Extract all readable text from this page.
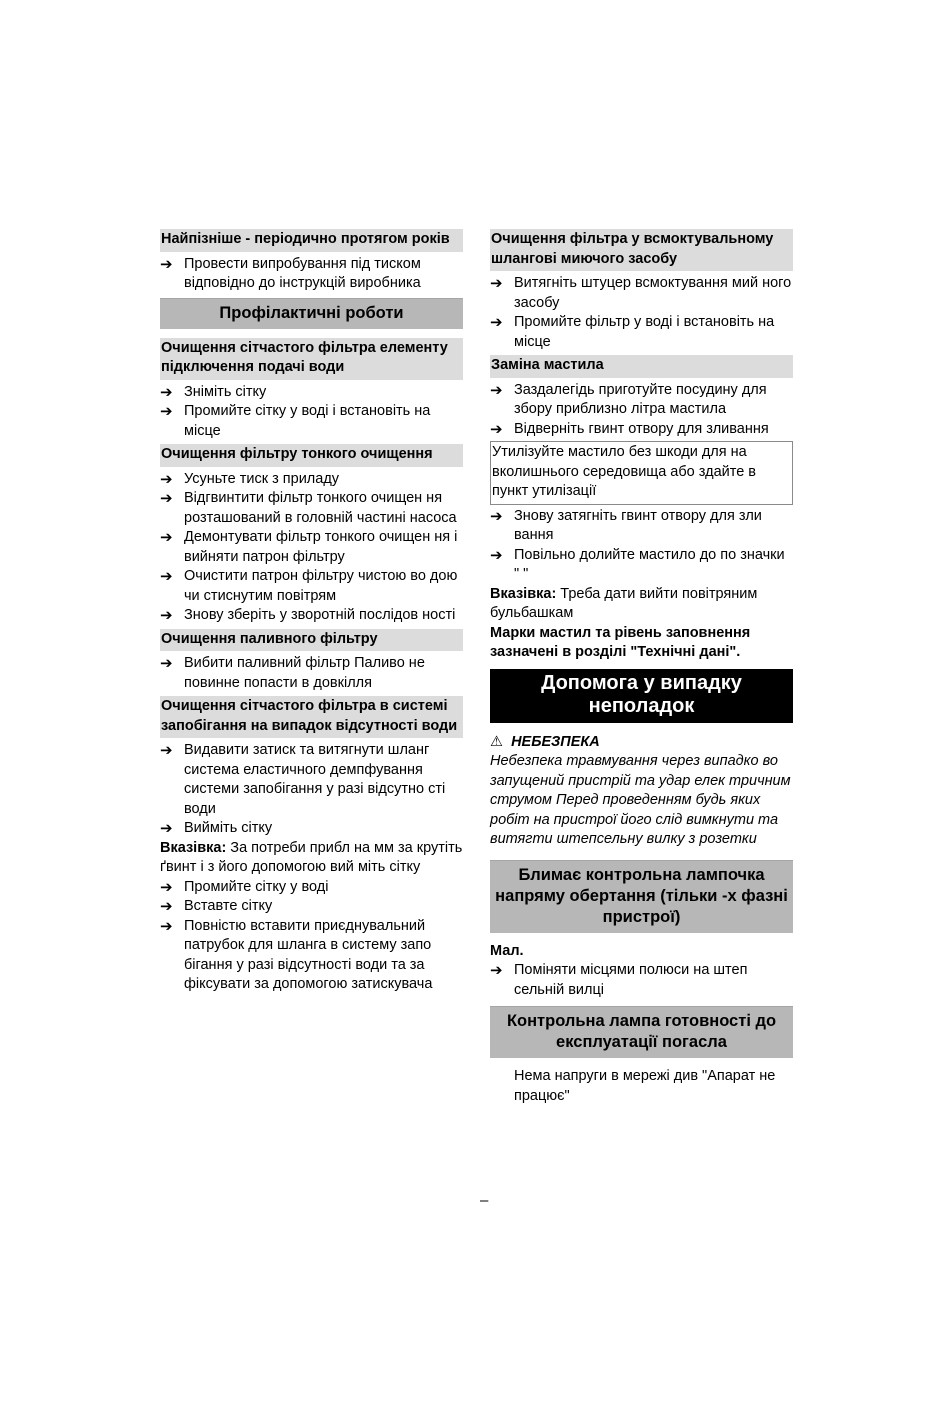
Найпізніше - періодично протягом років
➔ Провести випробування під тиском відповідно до інструкцій виробника
Профілактичні роботи
Очищення сітчастого фільтра елементу підключення подачі води
➔ Зніміть сітку
➔ Промийте сітку у воді і встановіть на місце
Очищення фільтру тонкого очищення
➔ Усуньте тиск з приладу
➔ Відгвинтити фільтр тонкого очищен ня розташований в головній частині насоса
➔ Демонтувати фільтр тонкого очищен ня і вийняти патрон фільтру
➔ Очистити патрон фільтру чистою во дою чи стиснутим повітрям
➔ Знову зберіть у зворотній послідов ності
Очищення паливного фільтру
➔ Вибити паливний фільтр Паливо не повинне попасти в довкілля
Очищення сітчастого фільтра в системі запобігання на випадок відсутності води
➔ Видавити затиск та витягнути шланг система еластичного демпфування системи запобігання у разі відсутно сті води
➔ Вийміть сітку

Вказівка: За потреби прибл на мм за крутіть ґвинт і з його допомогою вий міть сітку

➔ Промийте сітку у воді
➔ Вставте сітку
➔ Повністю вставити приєднувальний патрубок для шланга в систему запо бігання у разі відсутності води та за фіксувати за допомогою затискувача
Очищення фільтра у всмоктувальному шлангові миючого засобу
➔ Витягніть штуцер всмоктування мий ного засобу
➔ Промийте фільтр у воді і встановіть на місце
Заміна мастила
➔ Заздалегідь приготуйте посудину для збору приблизно літра мастила
➔ Відверніть гвинт отвору для зливання
Утилізуйте мастило без шкоди для на вколишнього середовища або здайте в пункт утилізації
➔ Знову затягніть гвинт отвору для зли вання
➔ Повільно долийте мастило до по значки " "

Вказівка: Треба дати вийти повітряним бульбашкам

Марки мастил та рівень заповнення зазначені в розділі "Технічні дані".

Допомога у випадку неполадок
⚠ НЕБЕЗПЕКА
Небезпека травмування через випадко во запущений пристрій та удар елек тричним струмом Перед проведенням будь яких робіт на пристрої його слід вимкнути та витягти штепсельну вилку з розетки
Блимає контрольна лампочка напряму обертання (тільки -х фазні пристрої)

Мал.

➔ Поміняти місцями полюси на штеп сельній вилці
Контрольна лампа готовності до експлуатації погасла

Нема напруги в мережі див "Апарат не працює"

–
